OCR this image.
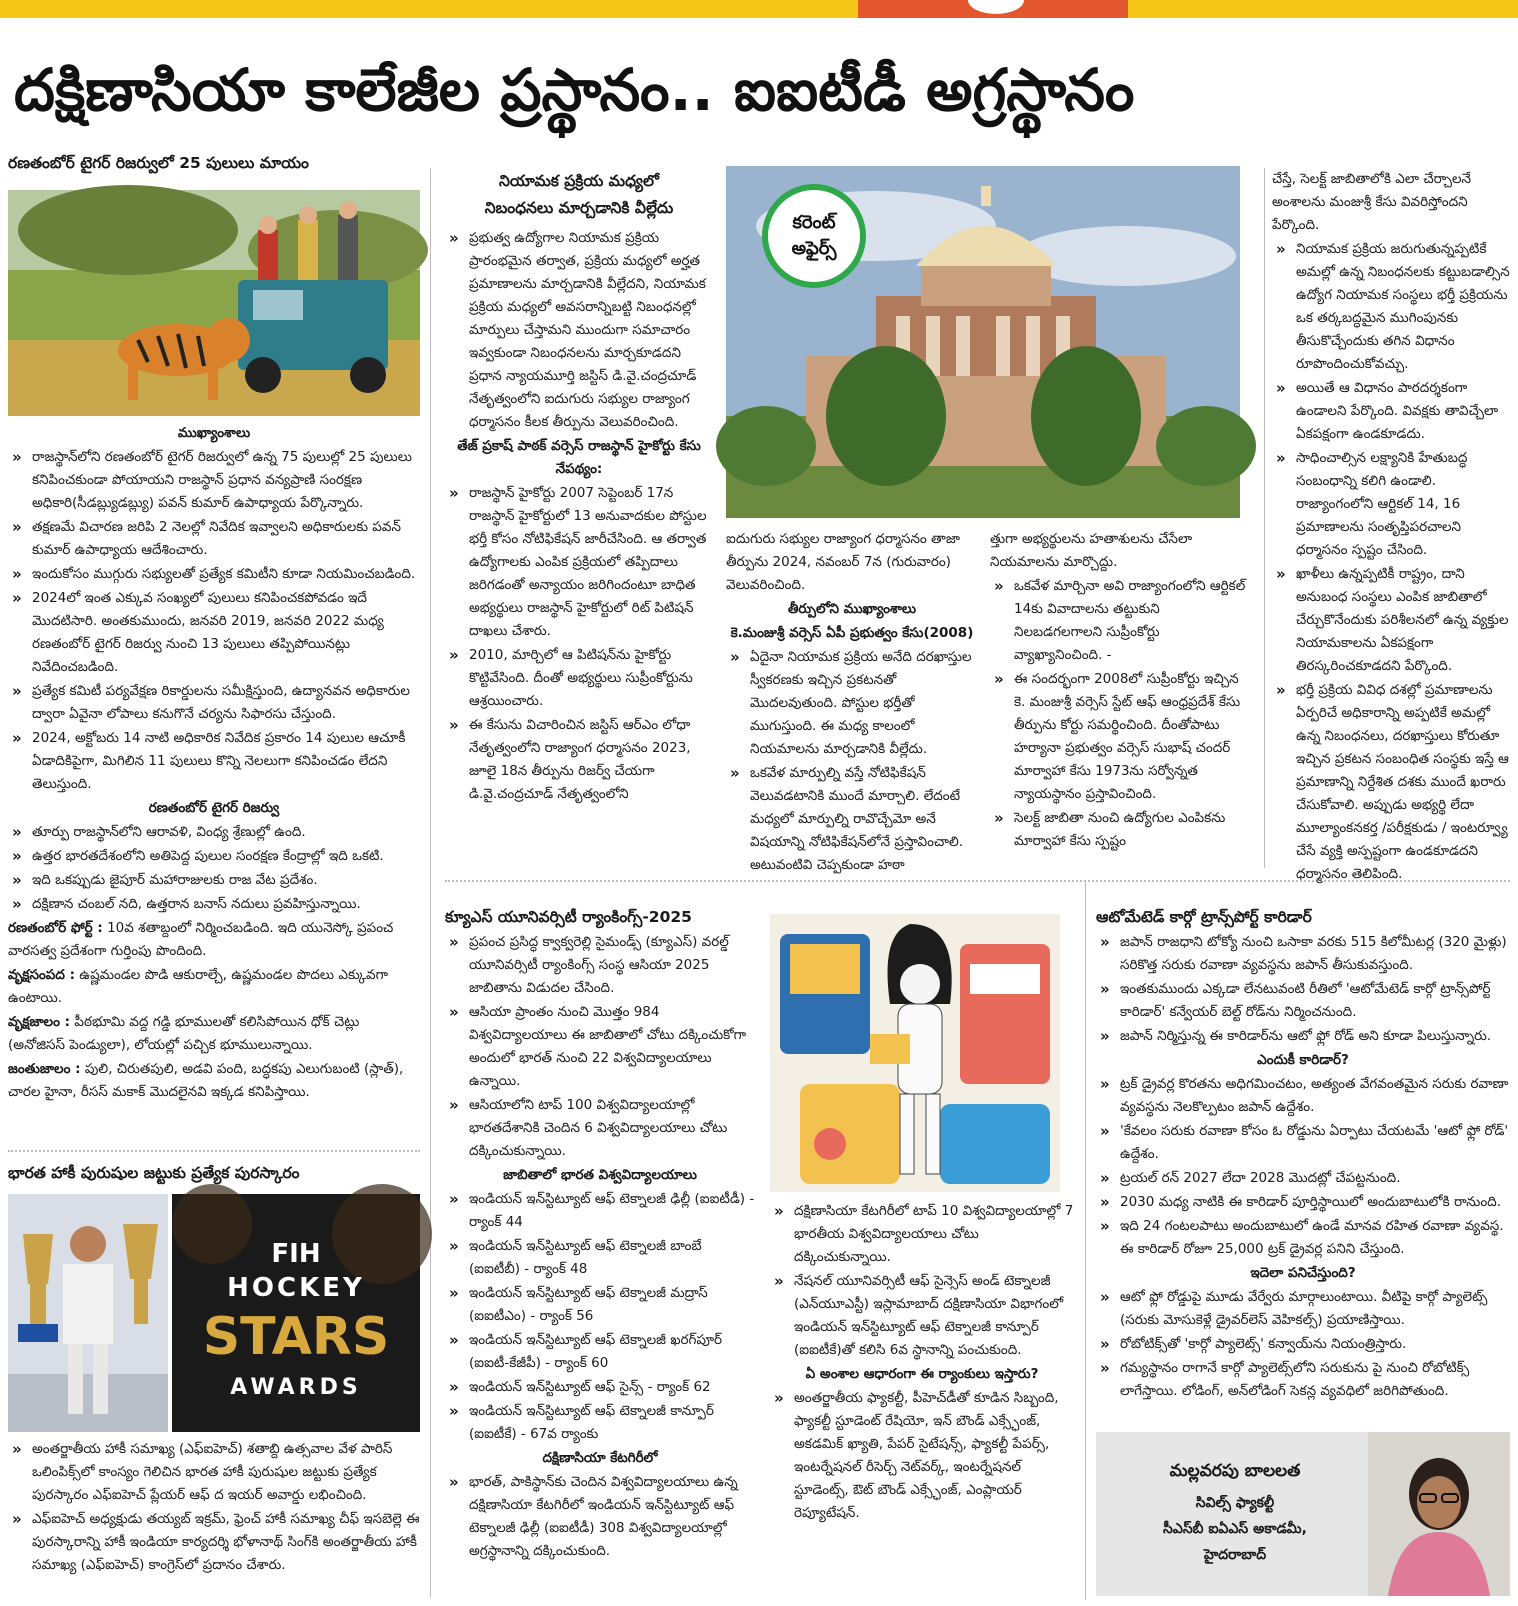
దక్షిణాసియా కాలేజీల ప్రస్థానం.. ఐఐటీడీ అగ్రస్థానం

రణతంబోర్ టైగర్ రిజర్వులో 25 పులులు మాయం

ముఖ్యాంశాలు

» రాజస్థాన్‌లోని రణతంబోర్ టైగర్ రిజర్వులో ఉన్న 75 పులుల్లో 25 పులులు కనిపించకుండా పోయాయని రాజస్థాన్ ప్రధాన వన్యప్రాణి సంరక్షణ అధికారి(సీడబ్ల్యుడబ్ల్యు) పవన్ కుమార్ ఉపాధ్యాయ పేర్కొన్నారు.

» తక్షణమే విచారణ జరిపి 2 నెలల్లో నివేదిక ఇవ్వాలని అధికారులకు పవన్ కుమార్ ఉపాధ్యాయ ఆదేశించారు.

» ఇందుకోసం ముగ్గురు సభ్యులతో ప్రత్యేక కమిటీని కూడా నియమించబడింది.

» 2024లో ఇంత ఎక్కువ సంఖ్యలో పులులు కనిపించకపోవడం ఇదే మొదటిసారి. అంతకుముందు, జనవరి 2019, జనవరి 2022 మధ్య రణతంబోర్ టైగర్ రిజర్వు నుంచి 13 పులులు తప్పిపోయినట్లు నివేదించబడింది.

» ప్రత్యేక కమిటీ పర్యవేక్షణ రికార్డులను సమీక్షిస్తుంది, ఉద్యానవన అధికారుల ద్వారా ఏవైనా లోపాలు కనుగొనే చర్యను సిఫారసు చేస్తుంది.

» 2024, అక్టోబరు 14 నాటి అధికారిక నివేదిక ప్రకారం 14 పులుల ఆచూకీ ఏడాదికిపైగా, మిగిలిన 11 పులులు కొన్ని నెలలుగా కనిపించడం లేదని తెలుస్తుంది.

రణతంబోర్ టైగర్ రిజర్వు

» తూర్పు రాజస్థాన్‌లోని ఆరావళి, వింధ్య శ్రేణుల్లో ఉంది.

» ఉత్తర భారతదేశంలోని అతిపెద్ద పులుల సంరక్షణ కేంద్రాల్లో ఇది ఒకటి.

» ఇది ఒకప్పుడు జైపూర్ మహారాజులకు రాజ వేట ప్రదేశం.

» దక్షిణాన చంబల్ నది, ఉత్తరాన బనాస్ నదులు ప్రవహిస్తున్నాయి.

రణతంబోర్ ఫోర్ట్ : 10వ శతాబ్దంలో నిర్మించబడింది. ఇది యునెస్కో ప్రపంచ వారసత్వ ప్రదేశంగా గుర్తింపు పొందింది.

వృక్షసంపద : ఉష్ణమండల పొడి ఆకురాల్చే, ఉష్ణమండల పొదలు ఎక్కువగా ఉంటాయి.

వృక్షజాలం : పీఠభూమి వద్ద గడ్డి భూములతో కలిసిపోయిన ధోక్ చెట్లు (అనోజిసస్ పెండ్యులా), లోయల్లో పచ్చిక భూములున్నాయి.

జంతుజాలం : పులి, చిరుతపులి, అడవి పంది, బద్ధకపు ఎలుగుబంటి (స్లాత్), చారల హైనా, రీసస్ మకాక్ మొదలైనవి ఇక్కడ కనిపిస్తాయి.

భారత హాకీ పురుషుల జట్టుకు ప్రత్యేక పురస్కారం

FIH
HOCKEY
STARS
AWARDS

» అంతర్జాతీయ హాకీ సమాఖ్య (ఎఫ్ఐహెచ్) శతాబ్ది ఉత్సవాల వేళ పారిస్ ఒలింపిక్స్‌లో కాంస్యం గెలిచిన భారత హాకీ పురుషుల జట్టుకు ప్రత్యేక పురస్కారం ఎఫ్ఐహెచ్ ప్లేయర్ ఆఫ్ ద ఇయర్ అవార్డు లభించింది.

» ఎఫ్ఐహెచ్ అధ్యక్షుడు తయ్యబ్ ఇక్రమ్, ఫ్రెంచ్ హాకీ సమాఖ్య చీఫ్ ఇసబెల్లె ఈ పురస్కారాన్ని హాకీ ఇండియా కార్యదర్శి భోళానాథ్ సింగ్‌కి అంతర్జాతీయ హాకీ సమాఖ్య (ఎఫ్ఐహెచ్) కాంగ్రెస్‌లో ప్రదానం చేశారు.

నియామక ప్రక్రియ మధ్యలో

నిబంధనలు మార్చడానికి వీల్లేదు

» ప్రభుత్వ ఉద్యోగాల నియామక ప్రక్రియ ప్రారంభమైన తర్వాత, ప్రక్రియ మధ్యలో అర్హత ప్రమాణాలను మార్చడానికి వీల్లేదని, నియామక ప్రక్రియ మధ్యలో అవసరాన్నిబట్టి నిబంధనల్లో మార్పులు చేస్తామని ముందుగా సమాచారం ఇవ్వకుండా నిబంధనలను మార్చకూడదని ప్రధాన న్యాయమూర్తి జస్టిస్ డి.వై.చంద్రచూడ్ నేతృత్వంలోని ఐదుగురు సభ్యుల రాజ్యాంగ ధర్మాసనం కీలక తీర్పును వెలువరించింది.

తేజ్ ప్రకాష్ పాఠక్ వర్సెస్ రాజస్థాన్ హైకోర్టు కేసు నేపథ్యం:

» రాజస్థాన్ హైకోర్టు 2007 సెప్టెంబర్ 17న రాజస్థాన్ హైకోర్టులో 13 అనువాదకుల పోస్టుల భర్తీ కోసం నోటిఫికేషన్ జారీచేసింది. ఆ తర్వాత ఉద్యోగాలకు ఎంపిక ప్రక్రియలో తప్పిదాలు జరిగడంతో అన్యాయం జరిగిందంటూ బాధిత అభ్యర్థులు రాజస్థాన్ హైకోర్టులో రిట్ పిటిషన్ దాఖలు చేశారు.

» 2010, మార్చిలో ఆ పిటిషన్‌ను హైకోర్టు కొట్టివేసింది. దీంతో అభ్యర్థులు సుప్రీంకోర్టును ఆశ్రయించారు.

» ఈ కేసును విచారించిన జస్టిస్ ఆర్ఎం లోధా నేతృత్వంలోని రాజ్యాంగ ధర్మాసనం 2023, జూలై 18న తీర్పును రిజర్వ్ చేయగా డి.వై.చంద్రచూడ్ నేతృత్వంలోని

కరెంట్
అఫైర్స్

ఐదుగురు సభ్యుల రాజ్యాంగ ధర్మాసనం తాజా తీర్పును 2024, నవంబర్ 7న (గురువారం) వెలువరించింది.

తీర్పులోని ముఖ్యాంశాలు

కె.మంజుశ్రీ వర్సెస్ ఏపీ ప్రభుత్వం కేసు(2008)

» ఏదైనా నియామక ప్రక్రియ అనేది దరఖాస్తుల స్వీకరణకు ఇచ్చిన ప్రకటనతో మొదలవుతుంది. పోస్టుల భర్తీతో ముగుస్తుంది. ఈ మధ్య కాలంలో నియమాలను మార్చడానికి వీల్లేదు.

» ఒకవేళ మార్పుల్ని వస్తే నోటిఫికేషన్ వెలువడటానికి ముందే మార్చాలి. లేదంటే మధ్యలో మార్పుల్ని రావొచ్చేమో అనే విషయాన్ని నోటిఫికేషన్‌లోనే ప్రస్తావించాలి. అటువంటివి చెప్పకుండా హఠా

త్తుగా అభ్యర్థులను హతాశులను చేసేలా నియమాలను మార్చొద్దు.

» ఒకవేళ మార్చినా అవి రాజ్యాంగంలోని ఆర్టికల్ 14కు వివాదాలను తట్టుకుని నిలబడగలగాలని సుప్రీంకోర్టు వ్యాఖ్యానించింది. -

» ఈ సందర్భంగా 2008లో సుప్రీంకోర్టు ఇచ్చిన కె. మంజుశ్రీ వర్సెస్ స్టేట్ ఆఫ్ ఆంధ్రప్రదేశ్ కేసు తీర్పును కోర్టు సమర్థించింది. దీంతోపాటు హర్యానా ప్రభుత్వం వర్సెస్ సుభాష్ చందర్ మార్వాహా కేసు 1973ను సర్వోన్నత న్యాయస్థానం ప్రస్తావించింది.

» సెలక్ట్ జాబితా నుంచి ఉద్యోగుల ఎంపికను మార్వాహా కేసు స్పష్టం

చేస్తే, సెలక్ట్ జాబితాలోకి ఎలా చేర్చాలనే అంశాలను మంజుశ్రీ కేసు వివరిస్తోందని పేర్కొంది.

» నియామక ప్రక్రియ జరుగుతున్నప్పటికే అమల్లో ఉన్న నిబంధనలకు కట్టుబడాల్సిన ఉద్యోగ నియామక సంస్థలు భర్తీ ప్రక్రియను ఒక తర్కబద్ధమైన ముగింపునకు తీసుకొచ్చేందుకు తగిన విధానం రూపొందించుకోవచ్చు.

» అయితే ఆ విధానం పారదర్శకంగా ఉండాలని పేర్కొంది. వివక్షకు తావిచ్చేలా ఏకపక్షంగా ఉండకూడదు.

» సాధించాల్సిన లక్ష్యానికి హేతుబద్ధ సంబంధాన్ని కలిగి ఉండాలి. రాజ్యాంగంలోని ఆర్టికల్ 14, 16 ప్రమాణాలను సంతృప్తిపరచాలని ధర్మాసనం స్పష్టం చేసింది.

» ఖాళీలు ఉన్నప్పటికీ రాష్ట్రం, దాని అనుబంధ సంస్థలు ఎంపిక జాబితాలో చేర్చుకొనేందుకు పరిశీలనలో ఉన్న వ్యక్తుల నియామకాలను ఏకపక్షంగా తిరస్కరించకూడదని పేర్కొంది.

» భర్తీ ప్రక్రియ వివిధ దశల్లో ప్రమాణాలను ఏర్పరిచే అధికారాన్ని అప్పటికే అమల్లో ఉన్న నిబంధనలు, దరఖాస్తులు కోరుతూ ఇచ్చిన ప్రకటన సంబంధిత సంస్థకు ఇస్తే ఆ ప్రమాణాన్ని నిర్దేశిత దశకు ముందే ఖరారు చేసుకోవాలి. అప్పుడు అభ్యర్థి లేదా మూల్యాంకనకర్త /పరీక్షకుడు / ఇంటర్వ్యూ చేసే వ్యక్తి అస్పష్టంగా ఉండకూడదని ధర్మాసనం తెలిపింది.

క్యూఎస్ యూనివర్సిటీ ర్యాంకింగ్స్-2025

» ప్రపంచ ప్రసిద్ధ క్వాక్వరెల్లి సైమండ్స్ (క్యూఎస్) వరల్డ్ యూనివర్సిటీ ర్యాంకింగ్స్ సంస్థ ఆసియా 2025 జాబితాను విడుదల చేసింది.

» ఆసియా ప్రాంతం నుంచి మొత్తం 984 విశ్వవిద్యాలయాలు ఈ జాబితాలో చోటు దక్కించుకోగా అందులో భారత్ నుంచి 22 విశ్వవిద్యాలయాలు ఉన్నాయి.

» ఆసియాలోని టాప్ 100 విశ్వవిద్యాలయాల్లో భారతదేశానికి చెందిన 6 విశ్వవిద్యాలయాలు చోటు దక్కించుకున్నాయి.

జాబితాలో భారత విశ్వవిద్యాలయాలు

» ఇండియన్ ఇన్‌స్టిట్యూట్ ఆఫ్ టెక్నాలజీ ఢిల్లీ (ఐఐటీడీ) - ర్యాంక్ 44

» ఇండియన్ ఇన్‌స్టిట్యూట్ ఆఫ్ టెక్నాలజీ బాంబే (ఐఐటీబీ) - ర్యాంక్ 48

» ఇండియన్ ఇన్‌స్టిట్యూట్ ఆఫ్ టెక్నాలజీ మద్రాస్ (ఐఐటీఎం) - ర్యాంక్ 56

» ఇండియన్ ఇన్‌స్టిట్యూట్ ఆఫ్ టెక్నాలజీ ఖరగ్‌పూర్ (ఐఐటీ-కేజీపీ) - ర్యాంక్ 60

» ఇండియన్ ఇన్‌స్టిట్యూట్ ఆఫ్ సైన్స్ - ర్యాంక్ 62

» ఇండియన్ ఇన్‌స్టిట్యూట్ ఆఫ్ టెక్నాలజీ కాన్పూర్ (ఐఐటీకే) - 67వ ర్యాంకు

దక్షిణాసియా కేటగిరీలో

» భారత్, పాకిస్థాన్‌కు చెందిన విశ్వవిద్యాలయాలు ఉన్న దక్షిణాసియా కేటగిరీలో ఇండియన్ ఇన్‌స్టిట్యూట్ ఆఫ్ టెక్నాలజీ ఢిల్లీ (ఐఐటీడీ) 308 విశ్వవిద్యాలయాల్లో అగ్రస్థానాన్ని దక్కించుకుంది.

» దక్షిణాసియా కేటగిరీలో టాప్ 10 విశ్వవిద్యాలయాల్లో 7 భారతీయ విశ్వవిద్యాలయాలు చోటు దక్కించుకున్నాయి.

» నేషనల్ యూనివర్సిటీ ఆఫ్ సైన్సెస్ అండ్ టెక్నాలజీ (ఎన్‌యూఎస్టీ) ఇస్లామాబాద్ దక్షిణాసియా విభాగంలో ఇండియన్ ఇన్‌స్టిట్యూట్ ఆఫ్ టెక్నాలజీ కాన్పూర్ (ఐఐటీకే)తో కలిసి 6వ స్థానాన్ని పంచుకుంది.

ఏ అంశాల ఆధారంగా ఈ ర్యాంకులు ఇస్తారు?

» అంతర్జాతీయ ఫ్యాకల్టీ, పీహెచ్‌డీతో కూడిన సిబ్బంది, ఫ్యాకల్టీ స్టూడెంట్ రేషియో, ఇన్ బౌండ్ ఎక్స్ఛేంజ్, అకడమిక్ ఖ్యాతి, పేపర్ సైటేషన్స్, ఫ్యాకల్టీ పేపర్స్, ఇంటర్నేషనల్ రీసెర్చ్ నెట్‌వర్క్, ఇంటర్నేషనల్ స్టూడెంట్స్, ఔట్ బౌండ్ ఎక్స్ఛేంజ్, ఎంప్లాయర్ రెప్యూటేషన్.

ఆటోమేటెడ్ కార్గో ట్రాన్స్‌పోర్ట్ కారిడార్

» జపాన్ రాజధాని టోక్యో నుంచి ఒసాకా వరకు 515 కిలోమీటర్ల (320 మైళ్లు) సరికొత్త సరుకు రవాణా వ్యవస్థను జపాన్ తీసుకువస్తుంది.

» ఇంతకుముందు ఎక్కడా లేనటువంటి రీతిలో 'ఆటోమేటెడ్ కార్గో ట్రాన్స్‌పోర్ట్ కారిడార్' కన్వేయర్ బెల్ట్ రోడ్‌ను నిర్మించనుంది.

» జపాన్ నిర్మిస్తున్న ఈ కారిడార్‌ను ఆటో ఫ్లో రోడ్ అని కూడా పిలుస్తున్నారు.

ఎందుకీ కారిడార్?

» ట్రక్ డ్రైవర్ల కొరతను అధిగమించటం, అత్యంత వేగవంతమైన సరుకు రవాణా వ్యవస్థను నెలకొల్పటం జపాన్ ఉద్దేశం.

» 'కేవలం సరుకు రవాణా కోసం ఓ రోడ్డును ఏర్పాటు చేయటమే 'ఆటో ఫ్లో రోడ్' ఉద్దేశం.

» ట్రయల్ రన్ 2027 లేదా 2028 మొదట్లో చేపట్టనుంది.

» 2030 మధ్య నాటికి ఈ కారిడార్ పూర్తిస్థాయిలో అందుబాటులోకి రానుంది.

» ఇది 24 గంటలపాటు అందుబాటులో ఉండే మానవ రహిత రవాణా వ్యవస్థ. ఈ కారిడార్ రోజూ 25,000 ట్రక్ డ్రైవర్ల పనిని చేస్తుంది.

ఇదెలా పనిచేస్తుంది?

» ఆటో ఫ్లో రోడ్డుపై మూడు వేర్వేరు మార్గాలుంటాయి. వీటిపై కార్గో ప్యాలెట్స్ (సరుకు మోసుకెళ్లే డ్రైవర్‌లెస్ వెహికల్స్) ప్రయాణిస్తాయి.

» రోబోటిక్స్‌తో 'కార్గో ప్యాలెట్స్' కన్వాయ్‌ను నియంత్రిస్తారు.

» గమ్యస్థానం రాగానే కార్గో ప్యాలెట్స్‌లోని సరుకును పై నుంచి రోబోటిక్స్ లాగేస్తాయి. లోడింగ్, అన్‌లోడింగ్ సెకన్ల వ్యవధిలో జరిగిపోతుంది.

మల్లవరపు బాలలత

సివిల్స్ ఫ్యాకల్టీ

సీఎస్‌బీ ఐఏఎస్ అకాడమీ,

హైదరాబాద్
